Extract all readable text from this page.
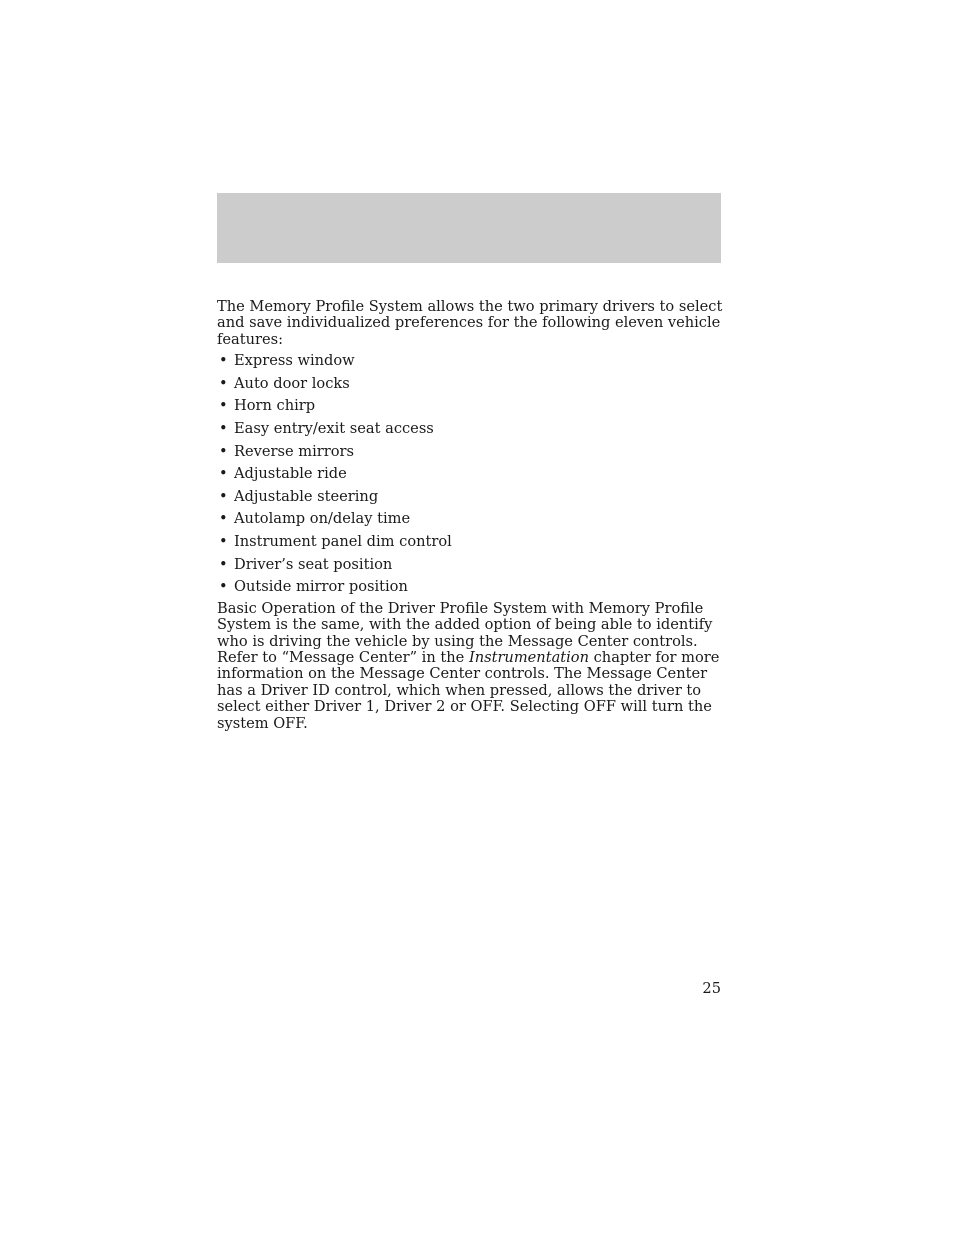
The Memory Profile System allows the two primary drivers to select and save individualized preferences for the following eleven vehicle features:

• Express window
• Auto door locks
• Horn chirp
• Easy entry/exit seat access
• Reverse mirrors
• Adjustable ride
• Adjustable steering
• Autolamp on/delay time
• Instrument panel dim control
• Driver’s seat position
• Outside mirror position

Basic Operation of the Driver Profile System with Memory Profile System is the same, with the added option of being able to identify who is driving the vehicle by using the Message Center controls. Refer to “Message Center” in the Instrumentation chapter for more information on the Message Center controls. The Message Center has a Driver ID control, which when pressed, allows the driver to select either Driver 1, Driver 2 or OFF. Selecting OFF will turn the system OFF.

25
